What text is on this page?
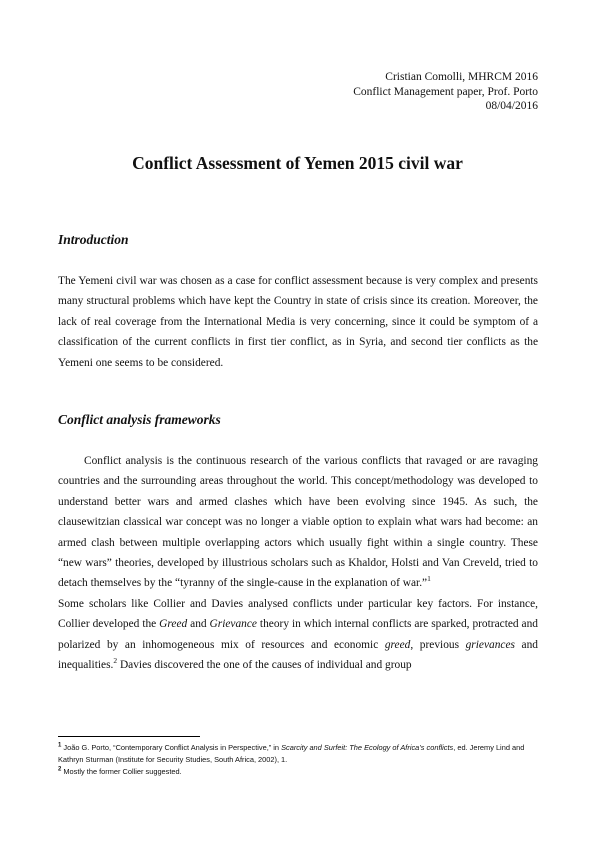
Cristian Comolli, MHRCM 2016
Conflict Management paper, Prof. Porto
08/04/2016
Conflict Assessment of Yemen 2015 civil war
Introduction

The Yemeni civil war was chosen as a case for conflict assessment because is very complex and presents many structural problems which have kept the Country in state of crisis since its creation. Moreover, the lack of real coverage from the International Media is very concerning, since it could be symptom of a classification of the current conflicts in first tier conflict, as in Syria, and second tier conflicts as the Yemeni one seems to be considered.

Conflict analysis frameworks

Conflict analysis is the continuous research of the various conflicts that ravaged or are ravaging countries and the surrounding areas throughout the world. This concept/methodology was developed to understand better wars and armed clashes which have been evolving since 1945. As such, the clausewitzian classical war concept was no longer a viable option to explain what wars had become: an armed clash between multiple overlapping actors which usually fight within a single country. These “new wars” theories, developed by illustrious scholars such as Khaldor, Holsti and Van Creveld, tried to detach themselves by the “tyranny of the single-cause in the explanation of war.”$^1$

Some scholars like Collier and Davies analysed conflicts under particular key factors. For instance, Collier developed the Greed and Grievance theory in which internal conflicts are sparked, protracted and polarized by an inhomogeneous mix of resources and economic greed, previous grievances and inequalities.$^2$ Davies discovered the one of the causes of individual and group

$^1$ João G. Porto, “Contemporary Conflict Analysis in Perspective,” in Scarcity and Surfeit: The Ecology of Africa’s conflicts, ed. Jeremy Lind and Kathryn Sturman (Institute for Security Studies, South Africa, 2002), 1.

$^2$ Mostly the former Collier suggested.
